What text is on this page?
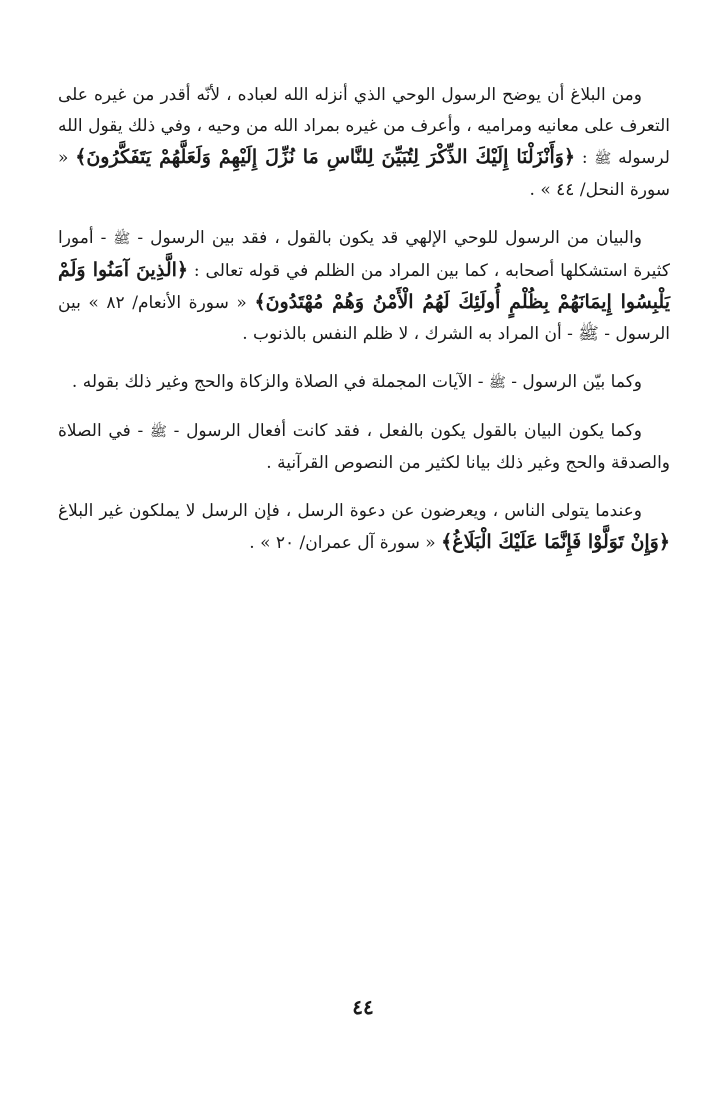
ومن البلاغ أن يوضح الرسول الوحي الذي أنزله الله لعباده ، لأنّه أقدر من غيره على التعرف على معانيه ومراميه ، وأعرف من غيره بمراد الله من وحيه ، وفي ذلك يقول الله لرسوله ﷺ : ﴿وَأَنْزَلْنَا إِلَيْكَ الذِّكْرَ لِتُبَيِّنَ لِلنَّاسِ مَا نُزِّلَ إِلَيْهِمْ وَلَعَلَّهُمْ يَتَفَكَّرُونَ﴾ « سورة النحل/ ٤٤ » .

والبيان من الرسول للوحي الإلهي قد يكون بالقول ، فقد بين الرسول - ﷺ - أمورا كثيرة استشكلها أصحابه ، كما بين المراد من الظلم في قوله تعالى : ﴿الَّذِينَ آمَنُوا وَلَمْ يَلْبِسُوا إِيمَانَهُمْ بِظُلْمٍ أُولَئِكَ لَهُمُ الْأَمْنُ وَهُمْ مُهْتَدُونَ﴾ « سورة الأنعام/ ٨٢ » بين الرسول - ﷺ - أن المراد به الشرك ، لا ظلم النفس بالذنوب .

وكما بيّن الرسول - ﷺ - الآيات المجملة في الصلاة والزكاة والحج وغير ذلك بقوله .

وكما يكون البيان بالقول يكون بالفعل ، فقد كانت أفعال الرسول - ﷺ - في الصلاة والصدقة والحج وغير ذلك بيانا لكثير من النصوص القرآنية .

وعندما يتولى الناس ، ويعرضون عن دعوة الرسل ، فإن الرسل لا يملكون غير البلاغ ﴿وَإِنْ تَوَلَّوْا فَإِنَّمَا عَلَيْكَ الْبَلَاغُ﴾ « سورة آل عمران/ ٢٠ » .

٤٤
